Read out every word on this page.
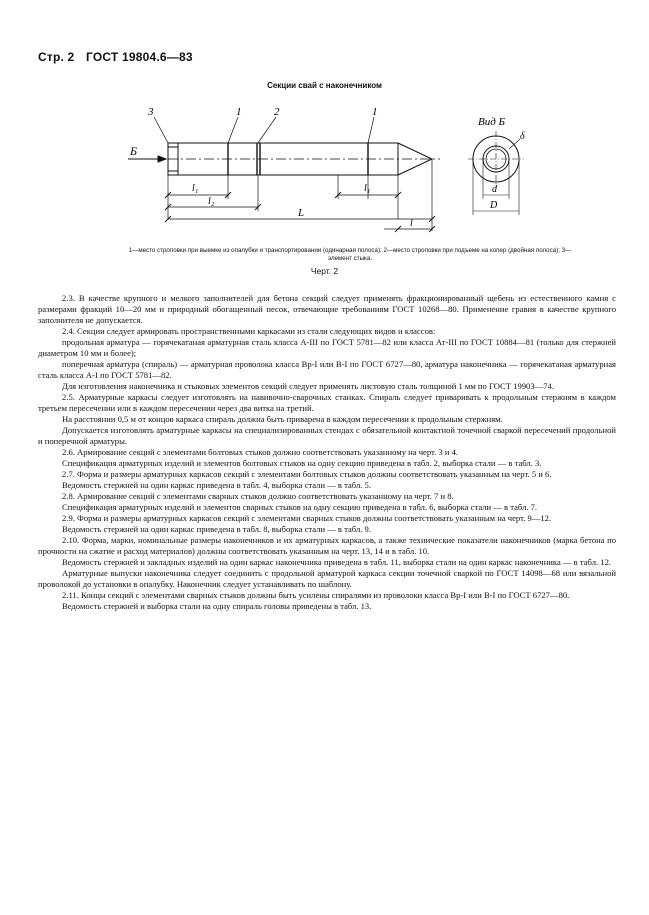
Стр. 2 ГОСТ 19804.6—83
Секции свай с наконечником
Б
3	1	2	1
l₁	l₁
l₂
L
l
Вид Б
δ
d
D
1—место строповки при выемке из опалубки и транспортировании (одинарная полоса); 2—место строповки при подъеме на копер (двойная полоса); 3—элемент стыка.
Черт. 2

2.3. В качестве крупного и мелкого заполнителей для бетона секций следует применять фракционированный щебень из естественного камня с размерами фракций 10—20 мм и природный обогащенный песок, отвечающие требованиям ГОСТ 10268—80. Применение гравия в качестве крупного заполнителя не допускается.

2.4. Секции следует армировать пространственными каркасами из стали следующих видов и классов:

продольная арматура — горячекатаная арматурная сталь класса А-III по ГОСТ 5781—82 или класса Ат-III по ГОСТ 10884—81 (только для стержней диаметром 10 мм и более);

поперечная арматура (спираль) — арматурная проволока класса Вр-I или В-I по ГОСТ 6727—80, арматура наконечника — горячекатаная арматурная сталь класса А-I по ГОСТ 5781—82.

Для изготовления наконечника и стыковых элементов секций следует применять листовую сталь толщиной 1 мм по ГОСТ 19903—74.

2.5. Арматурные каркасы следует изготовлять на навивочно-сварочных станках. Спираль следует приваривать к продольным стержням в каждом третьем пересечении или в каждом пересечении через два витка на третий.

На расстоянии 0,5 м от концов каркаса спираль должна быть приварена в каждом пересечении к продольным стержням.

Допускается изготовлять арматурные каркасы на специализированных стендах с обязательной контактной точечной сваркой пересечений продольной и поперечной арматуры.

2.6. Армирование секций с элементами болтовых стыков должно соответствовать указанному на черт. 3 и 4.

Спецификация арматурных изделий и элементов болтовых стыков на одну секцию приведена в табл. 2, выборка стали — в табл. 3.

2.7. Форма и размеры арматурных каркасов секций с элементами болтовых стыков должны соответствовать указанным на черт. 5 и 6.

Ведомость стержней на один каркас приведена в табл. 4, выборка стали — в табл. 5.

2.8. Армирование секций с элементами сварных стыков должно соответствовать указанному на черт. 7 и 8.

Спецификация арматурных изделий и элементов сварных стыков на одну секцию приведена в табл. 6, выборка стали — в табл. 7.

2.9. Форма и размеры арматурных каркасов секций с элементами сварных стыков должны соответствовать указанным на черт. 9—12.

Ведомость стержней на один каркас приведена в табл. 8, выборка стали — в табл. 9.

2.10. Форма, марки, номинальные размеры наконечников и их арматурных каркасов, а также технические показатели наконечников (марка бетона по прочности на сжатие и расход материалов) должны соответствовать указанным на черт. 13, 14 и в табл. 10.

Ведомость стержней и закладных изделий на один каркас наконечника приведена в табл. 11, выборка стали на один каркас наконечника — в табл. 12.

Арматурные выпуски наконечника следует соединить с продольной арматурой каркаса секции точечной сваркой по ГОСТ 14098—68 или вязальной проволокой до установки в опалубку. Наконечник следует устанавливать по шаблону.

2.11. Концы секций с элементами сварных стыков должны быть усилены спиралями из проволоки класса Вр-I или В-I по ГОСТ 6727—80.

Ведомость стержней и выборка стали на одну спираль головы приведены в табл. 13.
